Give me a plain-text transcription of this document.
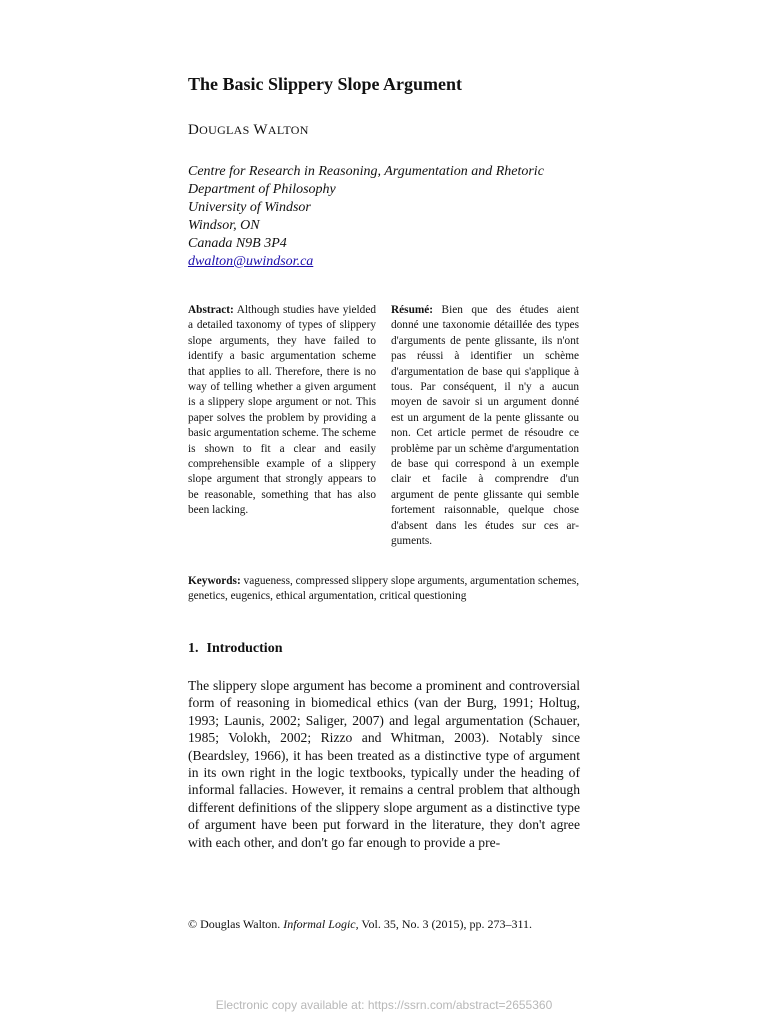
The Basic Slippery Slope Argument

DOUGLAS WALTON

Centre for Research in Reasoning, Argumentation and Rhetoric
Department of Philosophy
University of Windsor
Windsor, ON
Canada N9B 3P4
dwalton@uwindsor.ca
Abstract: Although studies have yielded a detailed taxonomy of types of slippery slope arguments, they have failed to identify a basic argumentation scheme that applies to all. Therefore, there is no way of telling whether a given argument is a slippery slope argument or not. This paper solves the problem by providing a basic argumentation scheme. The scheme is shown to fit a clear and easily comprehensible example of a slippery slope argument that strongly appears to be reasonable, something that has also been lacking.
Résumé: Bien que des études aient donné une taxonomie détaillée des types d'arguments de pente glissante, ils n'ont pas réussi à identifier un schème d'argumentation de base qui s'applique à tous. Par conséquent, il n'y a aucun moyen de savoir si un argument donné est un argument de la pente glissante ou non. Cet article permet de résoudre ce problème par un schème d'argumentation de base qui correspond à un exemple clair et facile à comprendre d'un argument de pente glissante qui semble fortement raisonnable, quelque chose d'absent dans les études sur ces arguments.

Keywords: vagueness, compressed slippery slope arguments, argumentation schemes, genetics, eugenics, ethical argumentation, critical questioning

1. Introduction

The slippery slope argument has become a prominent and controversial form of reasoning in biomedical ethics (van der Burg, 1991; Holtug, 1993; Launis, 2002; Saliger, 2007) and legal argumentation (Schauer, 1985; Volokh, 2002; Rizzo and Whitman, 2003). Notably since (Beardsley, 1966), it has been treated as a distinctive type of argument in its own right in the logic textbooks, typically under the heading of informal fallacies. However, it remains a central problem that although different definitions of the slippery slope argument as a distinctive type of argument have been put forward in the literature, they don't agree with each other, and don't go far enough to provide a pre-

© Douglas Walton. Informal Logic, Vol. 35, No. 3 (2015), pp. 273–311.

Electronic copy available at: https://ssrn.com/abstract=2655360
